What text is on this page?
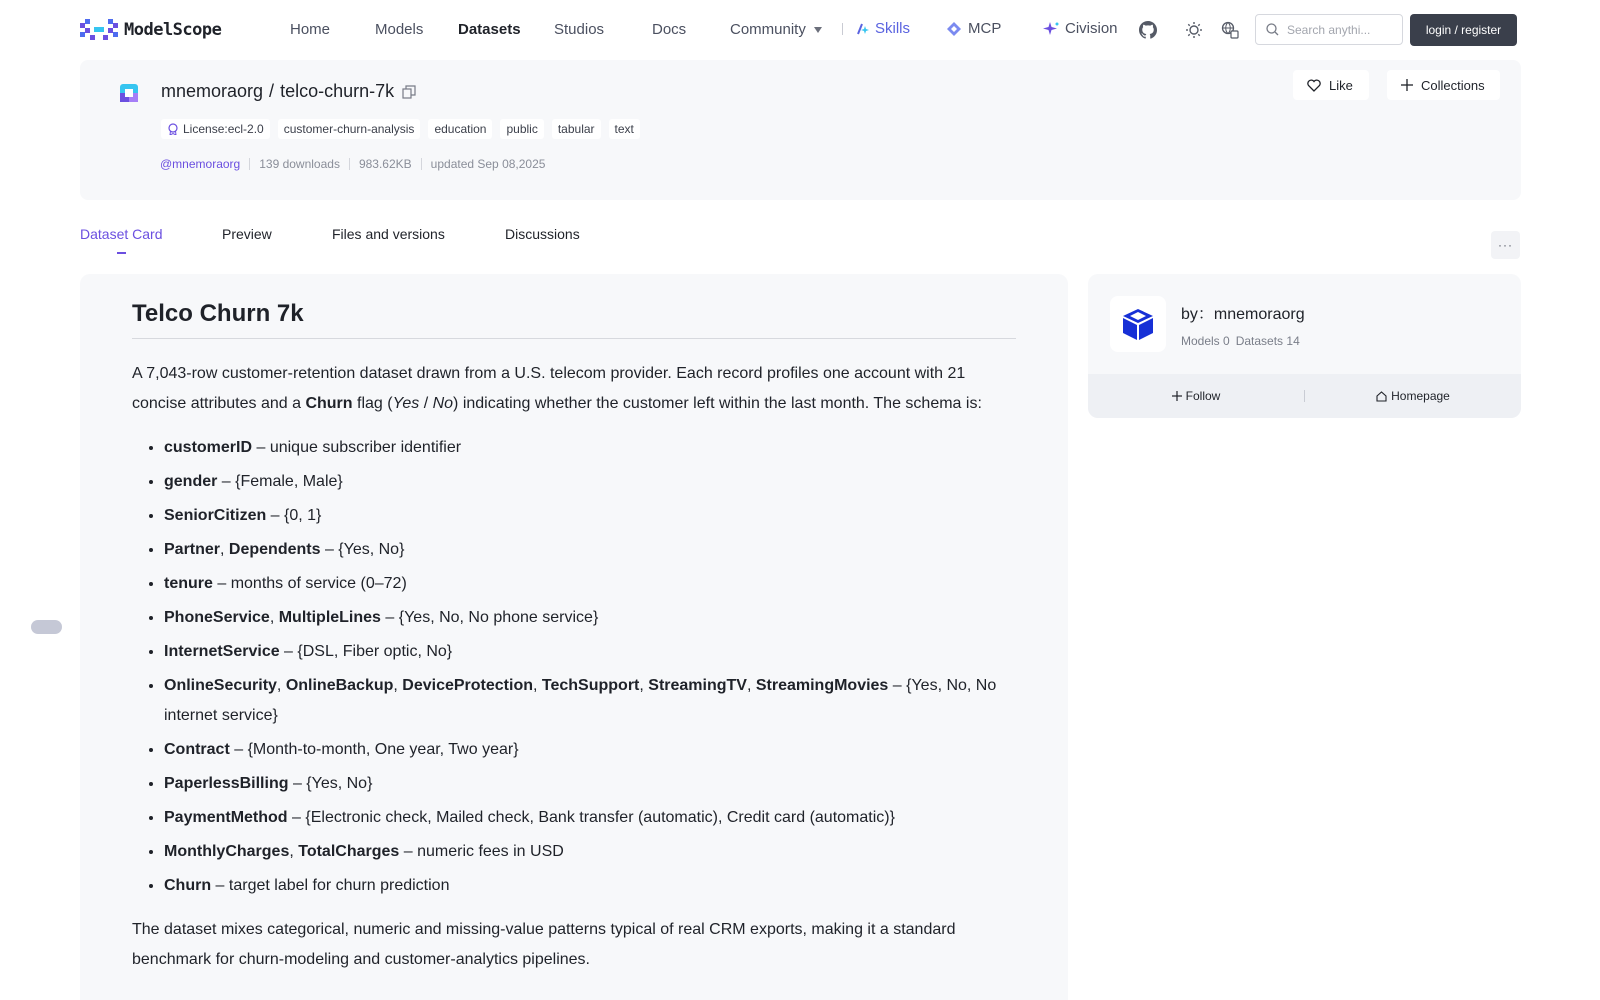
ModelScope	Home	Models Datasets Studios	Docs	Community	Skills	MCP	Civision
Search anythi...	login / register
mnemoraorg / telco-churn-7k
License:ecl-2.0	customer-churn-analysis	education	public	tabular	text
@mnemoraorg 139 downloads 983.62KB updated Sep 08,2025
Like	Collections
Dataset Card	Preview	Files and versions	Discussions
···
Telco Churn 7k

A 7,043-row customer-retention dataset drawn from a U.S. telecom provider. Each record profiles one account with 21 concise attributes and a Churn flag (Yes / No) indicating whether the customer left within the last month. The schema is:

• customerID – unique subscriber identifier
• gender – {Female, Male}
• SeniorCitizen – {0, 1}
• Partner, Dependents – {Yes, No}
• tenure – months of service (0–72)
• PhoneService, MultipleLines – {Yes, No, No phone service}
• InternetService – {DSL, Fiber optic, No}
• OnlineSecurity, OnlineBackup, DeviceProtection, TechSupport, StreamingTV, StreamingMovies – {Yes, No, No internet service}
• Contract – {Month-to-month, One year, Two year}
• PaperlessBilling – {Yes, No}
• PaymentMethod – {Electronic check, Mailed check, Bank transfer (automatic), Credit card (automatic)}
• MonthlyCharges, TotalCharges – numeric fees in USD
• Churn – target label for churn prediction

The dataset mixes categorical, numeric and missing-value patterns typical of real CRM exports, making it a standard benchmark for churn-modeling and customer-analytics pipelines.

by：mnemoraorg
Models 0 Datasets 14
Follow	Homepage
